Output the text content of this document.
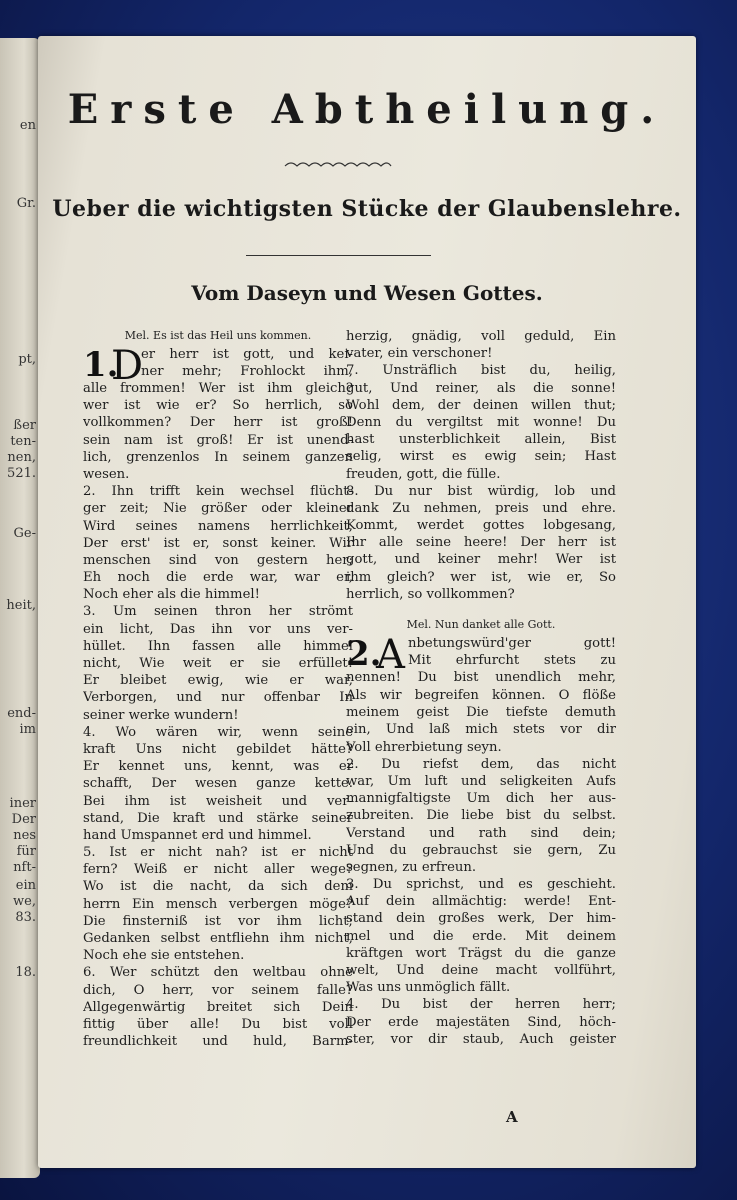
en
Gr.
pt,
ßer
ten-
nen,
521.
Ge-
heit,
end-
im
iner
Der
nes
für
nft-
ein
we,
83.
18.
Erste Abtheilung.
Ueber die wichtigsten Stücke der Glaubenslehre.
Vom Daseyn und Wesen Gottes.
Mel. Es ist das Heil uns kommen.
1.
D
er herr ist gott, und kei-
ner mehr; Frohlockt ihm,
alle frommen! Wer ist ihm gleich?
wer ist wie er? So herrlich, so
vollkommen? Der herr ist groß!
sein nam ist groß! Er ist unend-
lich, grenzenlos In seinem ganzen
wesen.
2. Ihn trifft kein wechsel flücht-
ger zeit; Nie größer oder kleiner
Wird seines namens herrlichkeit,
Der erst' ist er, sonst keiner. Wir
menschen sind von gestern her;
Eh noch die erde war, war er,
Noch eher als die himmel!
3. Um seinen thron her strömt
ein licht, Das ihn vor uns ver-
hüllet. Ihn fassen alle himmel
nicht, Wie weit er sie erfüllet!
Er bleibet ewig, wie er war,
Verborgen, und nur offenbar In
seiner werke wundern!
4. Wo wären wir, wenn seine
kraft Uns nicht gebildet hätte?
Er kennet uns, kennt, was er
schafft, Der wesen ganze kette.
Bei ihm ist weisheit und ver-
stand, Die kraft und stärke seiner
hand Umspannet erd und himmel.
5. Ist er nicht nah? ist er nicht
fern? Weiß er nicht aller wege?
Wo ist die nacht, da sich dem
herrn Ein mensch verbergen möge?
Die finsterniß ist vor ihm licht;
Gedanken selbst entfliehn ihm nicht,
Noch ehe sie entstehen.
6. Wer schützt den weltbau ohne
dich, O herr, vor seinem falle?
Allgegenwärtig breitet sich Dein
fittig über alle! Du bist voll
freundlichkeit und huld, Barm-
herzig, gnädig, voll geduld, Ein
vater, ein verschoner!
7. Unsträflich bist du, heilig,
gut, Und reiner, als die sonne!
Wohl dem, der deinen willen thut;
Denn du vergiltst mit wonne! Du
hast unsterblichkeit allein, Bist
selig, wirst es ewig sein; Hast
freuden, gott, die fülle.
8. Du nur bist würdig, lob und
dank Zu nehmen, preis und ehre.
Kommt, werdet gottes lobgesang,
Ihr alle seine heere! Der herr ist
gott, und keiner mehr! Wer ist
ihm gleich? wer ist, wie er, So
herrlich, so vollkommen?
Mel. Nun danket alle Gott.
2.
A nbetungswürd'ger gott!
Mit ehrfurcht stets zu
nennen! Du bist unendlich mehr,
Als wir begreifen können. O flöße
meinem geist Die tiefste demuth
ein, Und laß mich stets vor dir
Voll ehrerbietung seyn.
2. Du riefst dem, das nicht
war, Um luft und seligkeiten Aufs
mannigfaltigste Um dich her aus-
zubreiten. Die liebe bist du selbst.
Verstand und rath sind dein;
Und du gebrauchst sie gern, Zu
segnen, zu erfreun.
3. Du sprichst, und es geschieht.
Auf dein allmächtig: werde! Ent-
stand dein großes werk, Der him-
mel und die erde. Mit deinem
kräftgen wort Trägst du die ganze
welt, Und deine macht vollführt,
Was uns unmöglich fällt.
4. Du bist der herren herr;
Der erde majestäten Sind, höch-
ster, vor dir staub, Auch geister
A
